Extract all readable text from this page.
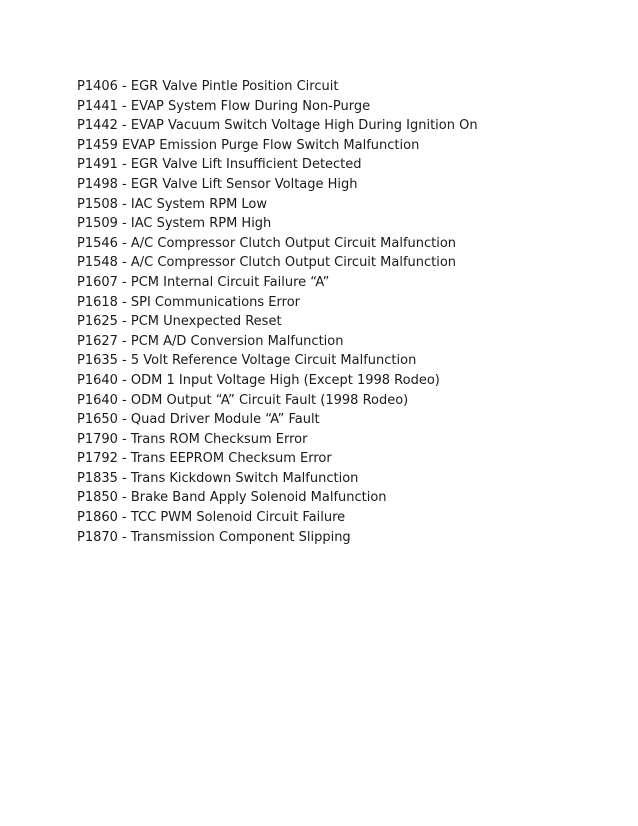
P1406 - EGR Valve Pintle Position Circuit
P1441 - EVAP System Flow During Non-Purge
P1442 - EVAP Vacuum Switch Voltage High During Ignition On
P1459 EVAP Emission Purge Flow Switch Malfunction
P1491 - EGR Valve Lift Insufficient Detected
P1498 - EGR Valve Lift Sensor Voltage High
P1508 - IAC System RPM Low
P1509 - IAC System RPM High
P1546 - A/C Compressor Clutch Output Circuit Malfunction
P1548 - A/C Compressor Clutch Output Circuit Malfunction
P1607 - PCM Internal Circuit Failure “A”
P1618 - SPI Communications Error
P1625 - PCM Unexpected Reset
P1627 - PCM A/D Conversion Malfunction
P1635 - 5 Volt Reference Voltage Circuit Malfunction
P1640 - ODM 1 Input Voltage High (Except 1998 Rodeo)
P1640 - ODM Output “A” Circuit Fault (1998 Rodeo)
P1650 - Quad Driver Module “A” Fault
P1790 - Trans ROM Checksum Error
P1792 - Trans EEPROM Checksum Error
P1835 - Trans Kickdown Switch Malfunction
P1850 - Brake Band Apply Solenoid Malfunction
P1860 - TCC PWM Solenoid Circuit Failure
P1870 - Transmission Component Slipping
